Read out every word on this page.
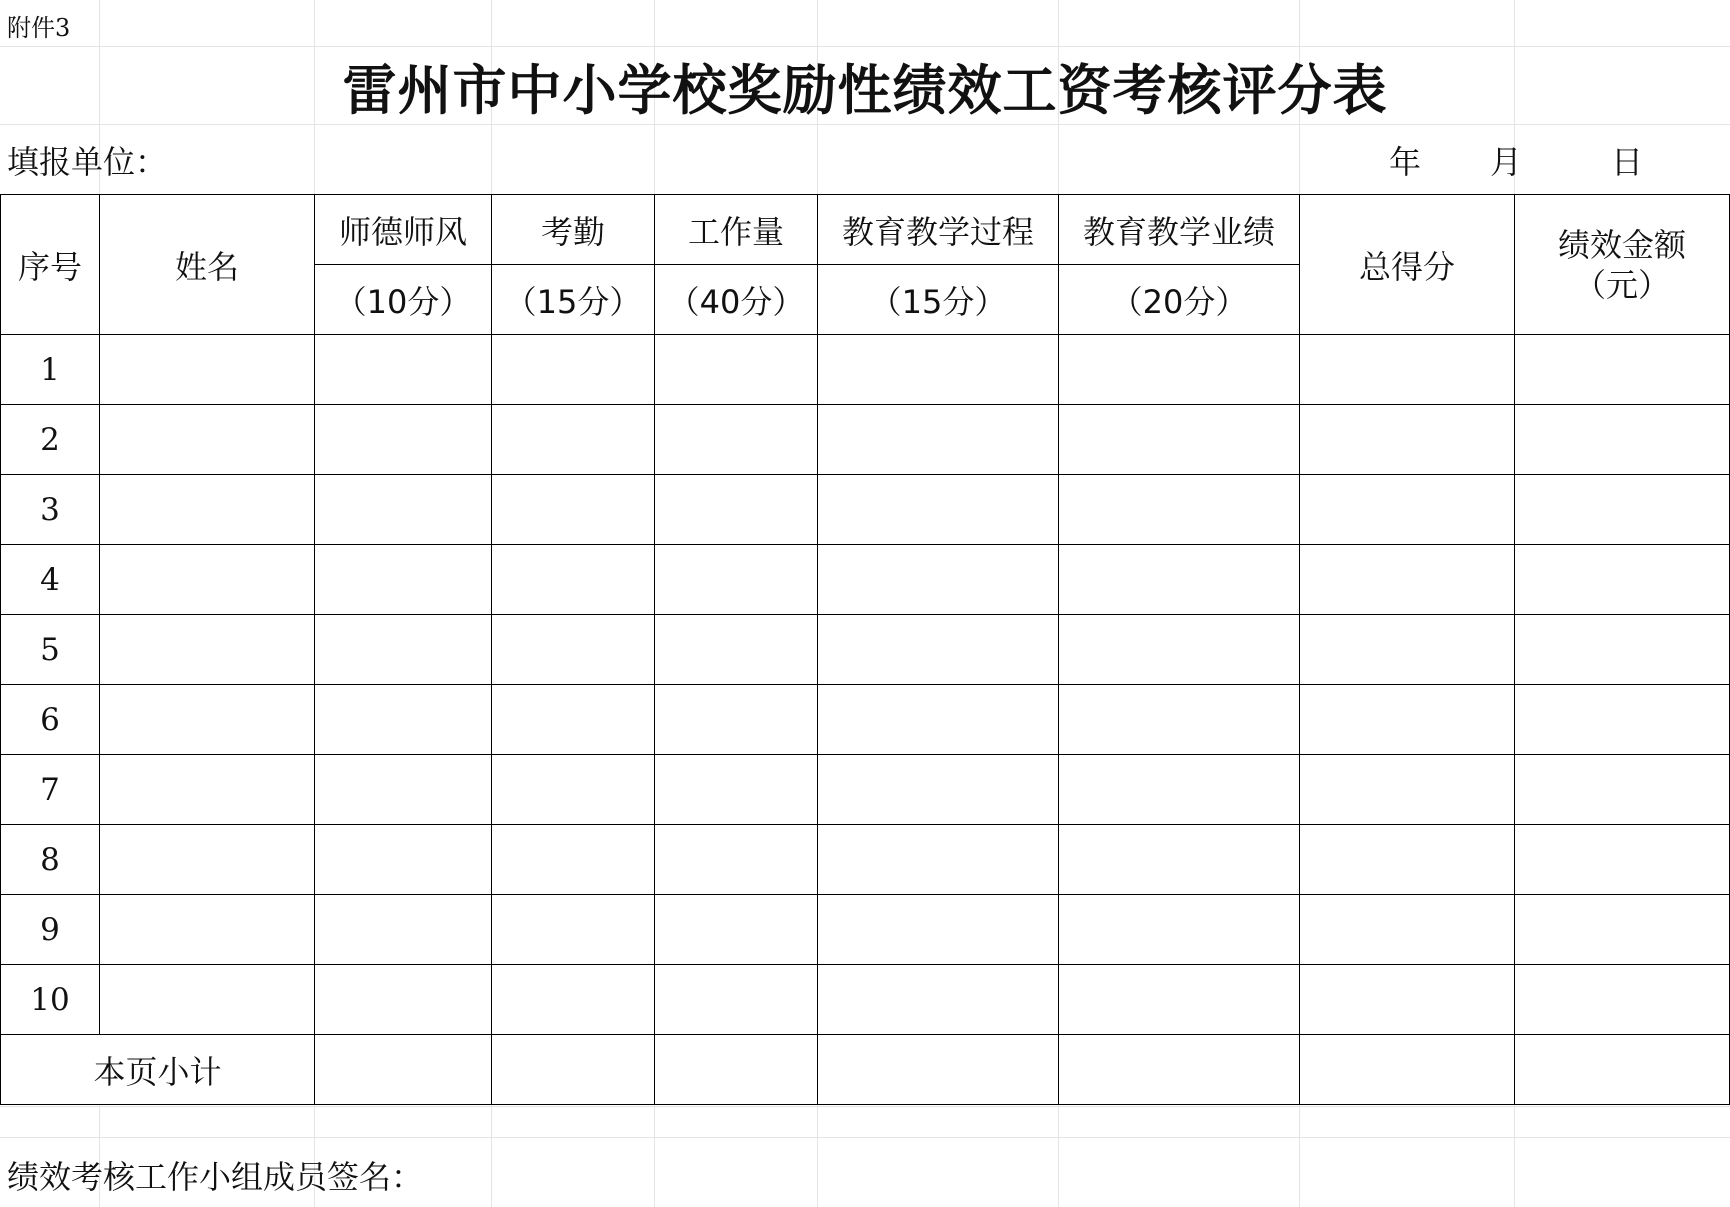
附件3
雷州市中小学校奖励性绩效工资考核评分表
填报单位：	年 月	日
序号	姓名	师德师风	考勤	工作量	教育教学过程	教育教学业绩	总得分	绩效金额
（元）

		（10分）	（15分）	（40分）	（15分）	（20分）		
1								
2								
3								
4								
5								
6								
7								
8								
9								
10								
本页小计								
绩效考核工作小组成员签名：
